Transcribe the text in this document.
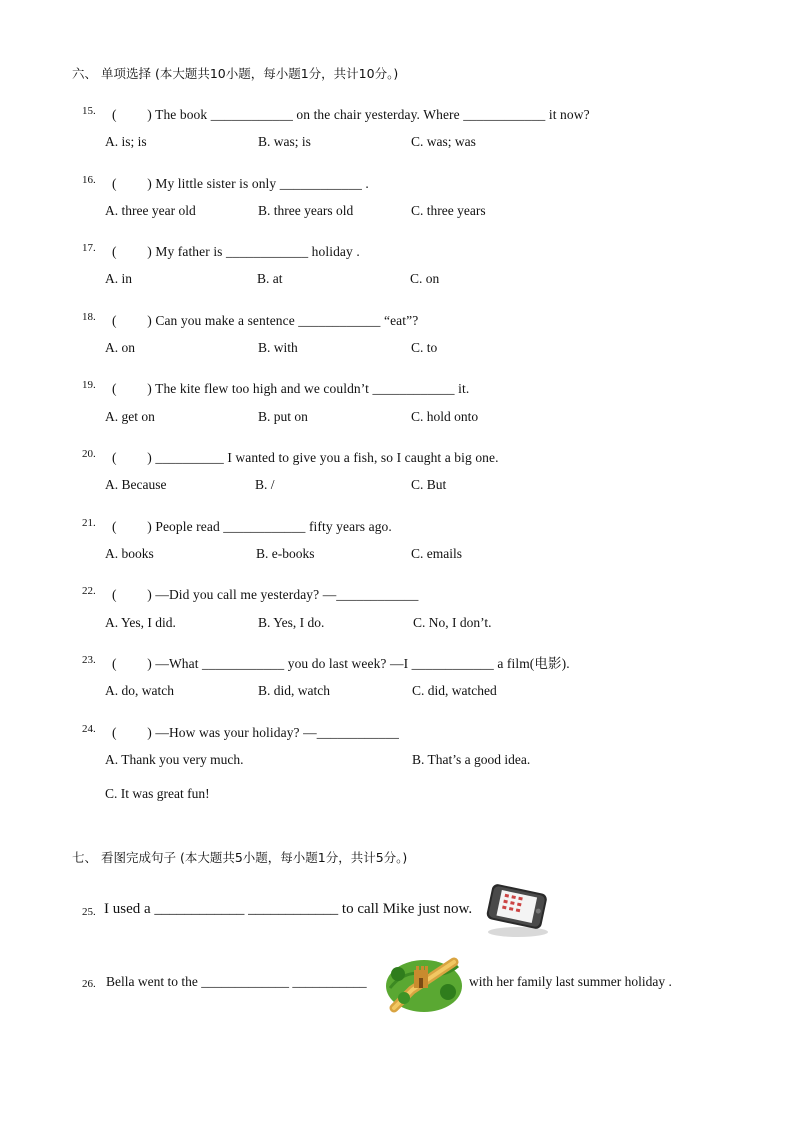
六、 单项选择 (本大题共10小题，每小题1分，共计10分。)
15. (　　 ) The book ____________ on the chair yesterday. Where ____________ it now?
A. is; is	B. was; is	C. was; was
16. (　　 ) My little sister is only ____________ .
A. three year old	B. three years old	C. three years
17. (　　 ) My father is ____________ holiday .
A. in	B. at	C. on
18. (　　 ) Can you make a sentence ____________ “eat”?
A. on	B. with	C. to
19. (　　 ) The kite flew too high and we couldn’t ____________ it.
A. get on	B. put on	C. hold onto
20. (　　 ) __________ I wanted to give you a fish, so I caught a big one.
A. Because	B. /	C. But
21. (　　 ) People read ____________ fifty years ago.
A. books	B. e-books	C. emails
22. (　　 ) —Did you call me yesterday? —____________
A. Yes, I did.	B. Yes, I do.	C. No, I don’t.
23. (　　 ) —What ____________ you do last week? —I ____________ a film(电影).
A. do, watch	B. did, watch	C. did, watched
24. (　　 ) —How was your holiday? —____________
A. Thank you very much.	B. That’s a good idea.
C. It was great fun!
七、 看图完成句子 (本大题共5小题，每小题1分，共计5分。)
25. I used a ____________ ____________ to call Mike just now.
26. Bella went to the _____________ ___________	with her family last summer holiday .
